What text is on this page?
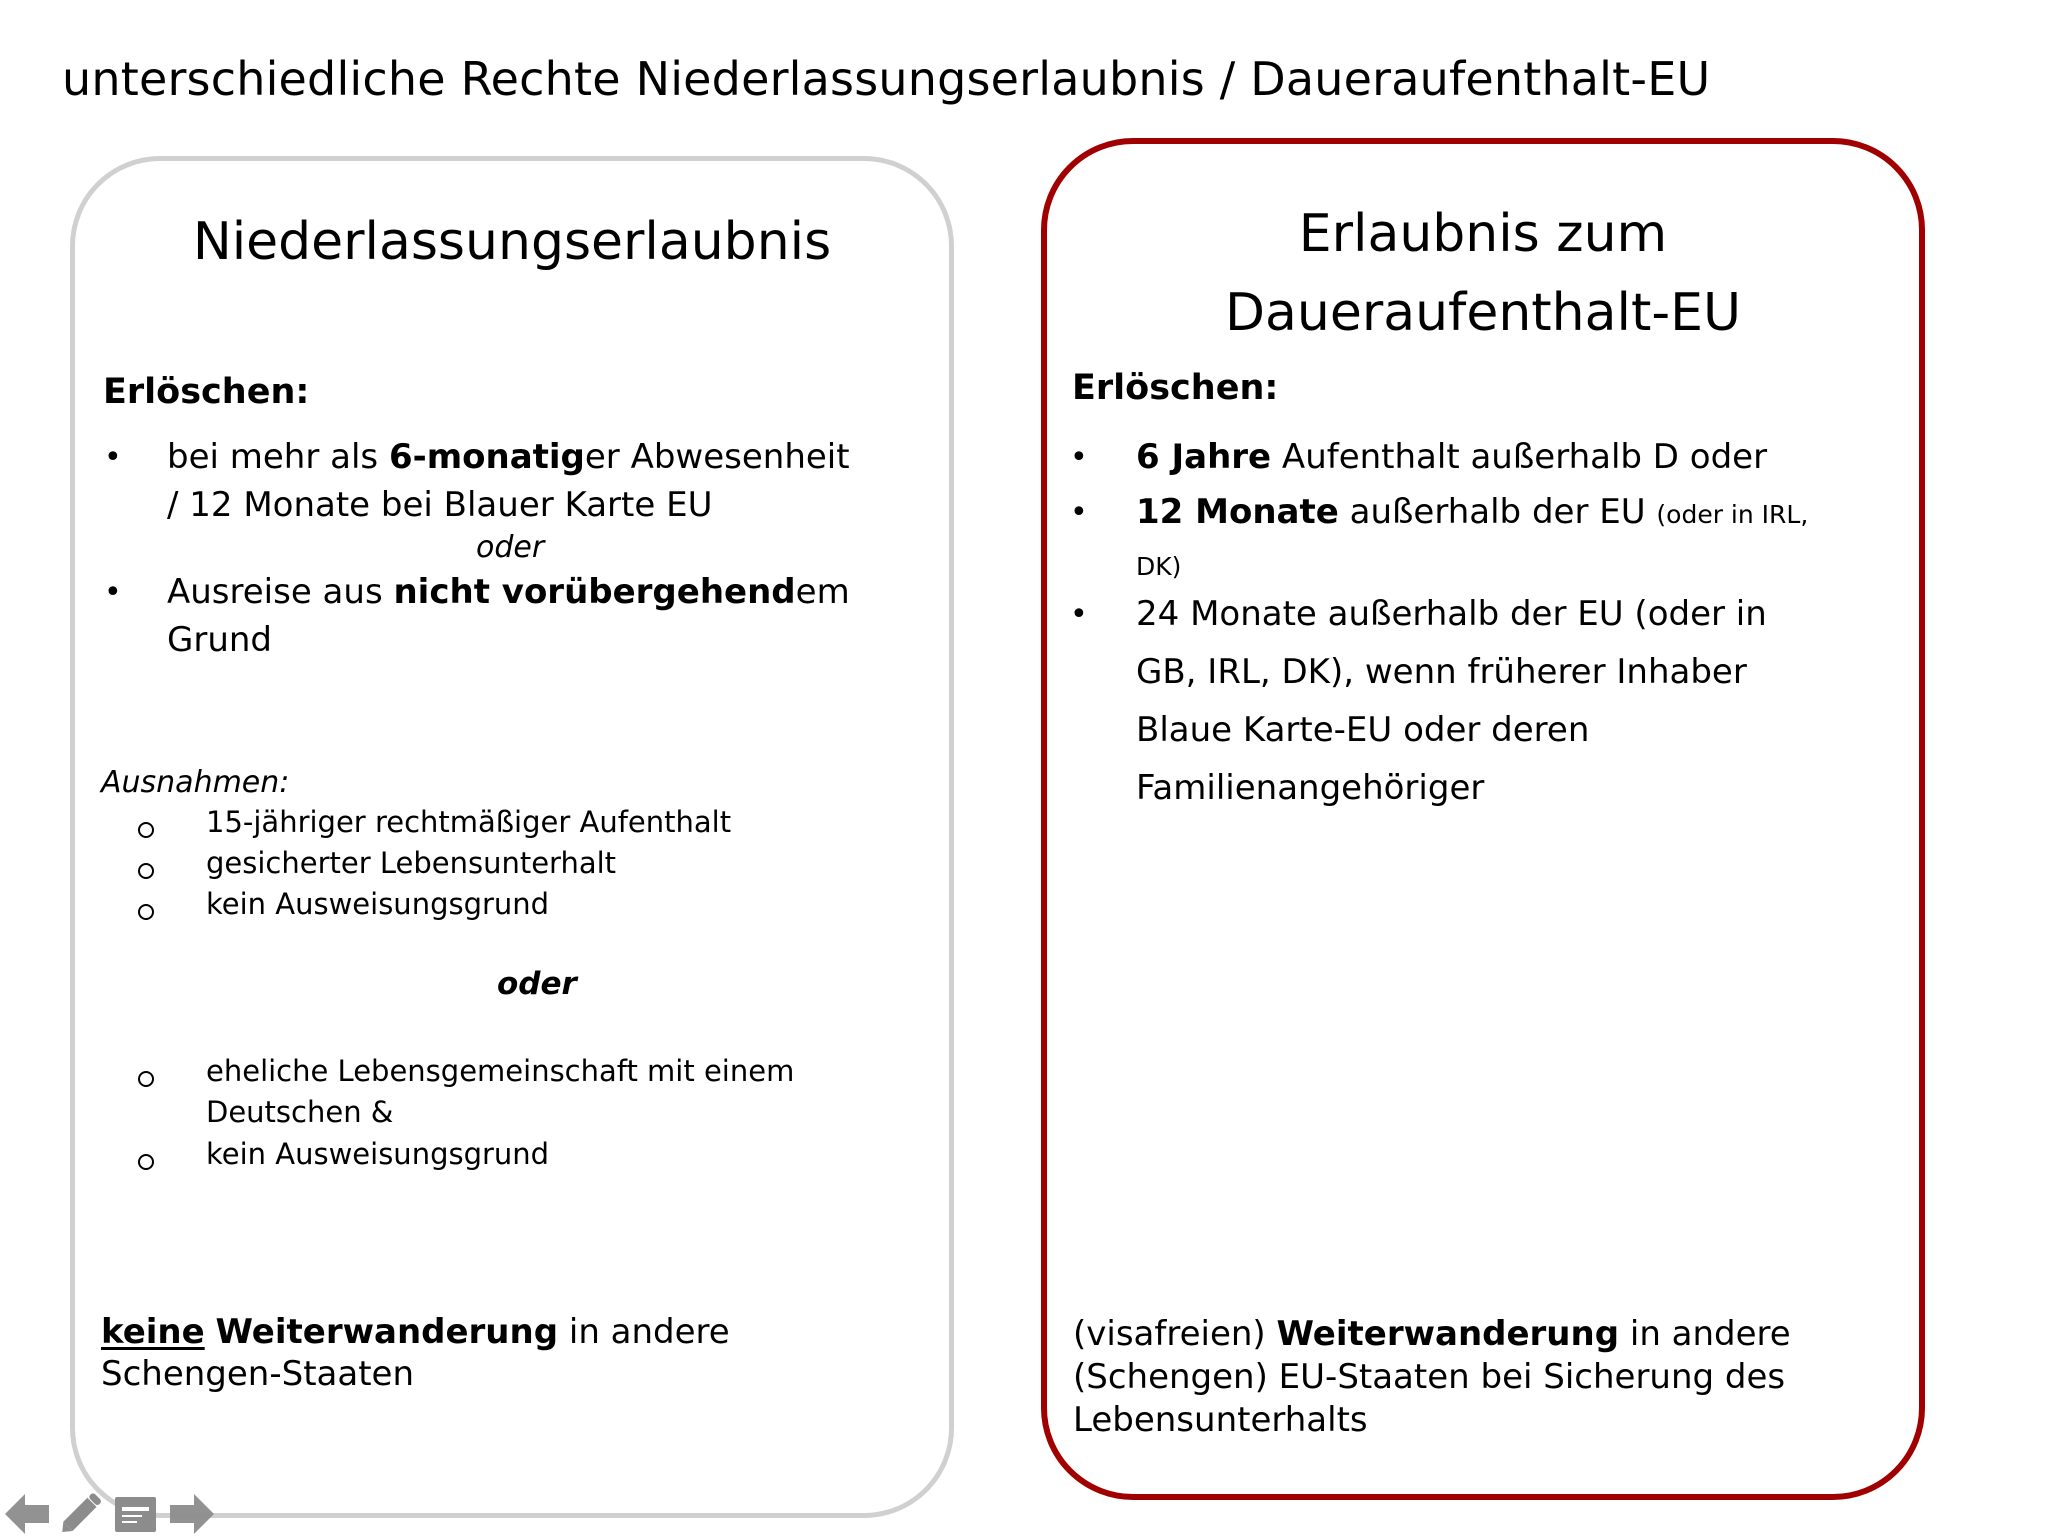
unterschiedliche Rechte Niederlassungserlaubnis / Daueraufenthalt-EU
Niederlassungserlaubnis
Erlöschen:
• bei mehr als 6-monatiger Abwesenheit
/ 12 Monate bei Blauer Karte EU
oder
• Ausreise aus nicht vorübergehendem
Grund
Ausnahmen:
15-jähriger rechtmäßiger Aufenthalt
gesicherter Lebensunterhalt
kein Ausweisungsgrund
oder
eheliche Lebensgemeinschaft mit einem
Deutschen &
kein Ausweisungsgrund
keine Weiterwanderung in andere
Schengen-Staaten
Erlaubnis zum
Daueraufenthalt-EU
Erlöschen:
• 6 Jahre Aufenthalt außerhalb D oder
• 12 Monate außerhalb der EU (oder in IRL,
DK)
• 24 Monate außerhalb der EU (oder in
GB, IRL, DK), wenn früherer Inhaber
Blaue Karte-EU oder deren
Familienangehöriger
(visafreien) Weiterwanderung in andere
(Schengen) EU-Staaten bei Sicherung des
Lebensunterhalts
